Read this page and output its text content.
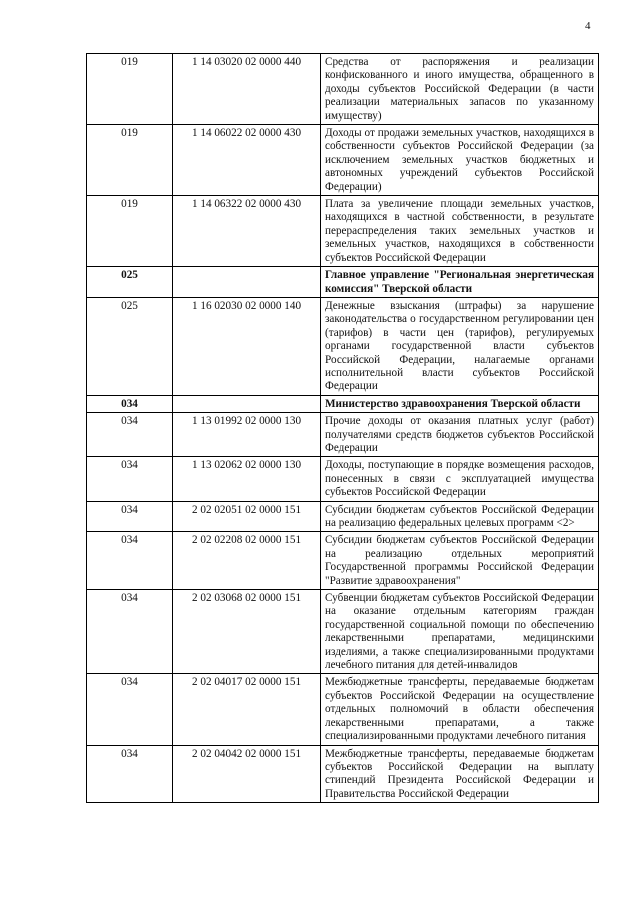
4
019	1 14 03020 02 0000 440	Средства от распоряжения и реализации конфискованного и иного имущества, обращенного в доходы субъектов Российской Федерации (в части реализации материальных запасов по указанному имуществу)
019	1 14 06022 02 0000 430	Доходы от продажи земельных участков, находящихся в собственности субъектов Российской Федерации (за исключением земельных участков бюджетных и автономных учреждений субъектов Российской Федерации)
019	1 14 06322 02 0000 430	Плата за увеличение площади земельных участков, находящихся в частной собственности, в результате перераспределения таких земельных участков и земельных участков, находящихся в собственности субъектов Российской Федерации
025		Главное управление "Региональная энергетическая комиссия" Тверской области
025	1 16 02030 02 0000 140	Денежные взыскания (штрафы) за нарушение законодательства о государственном регулировании цен (тарифов) в части цен (тарифов), регулируемых органами государственной власти субъектов Российской Федерации, налагаемые органами исполнительной власти субъектов Российской Федерации
034		Министерство здравоохранения Тверской области
034	1 13 01992 02 0000 130	Прочие доходы от оказания платных услуг (работ) получателями средств бюджетов субъектов Российской Федерации
034	1 13 02062 02 0000 130	Доходы, поступающие в порядке возмещения расходов, понесенных в связи с эксплуатацией имущества субъектов Российской Федерации
034	2 02 02051 02 0000 151	Субсидии бюджетам субъектов Российской Федерации на реализацию федеральных целевых программ <2>
034	2 02 02208 02 0000 151	Субсидии бюджетам субъектов Российской Федерации на реализацию отдельных мероприятий Государственной программы Российской Федерации "Развитие здравоохранения"
034	2 02 03068 02 0000 151	Субвенции бюджетам субъектов Российской Федерации на оказание отдельным категориям граждан государственной социальной помощи по обеспечению лекарственными препаратами, медицинскими изделиями, а также специализированными продуктами лечебного питания для детей-инвалидов
034	2 02 04017 02 0000 151	Межбюджетные трансферты, передаваемые бюджетам субъектов Российской Федерации на осуществление отдельных полномочий в области обеспечения лекарственными препаратами, а также специализированными продуктами лечебного питания
034	2 02 04042 02 0000 151	Межбюджетные трансферты, передаваемые бюджетам субъектов Российской Федерации на выплату стипендий Президента Российской Федерации и Правительства Российской Федерации
